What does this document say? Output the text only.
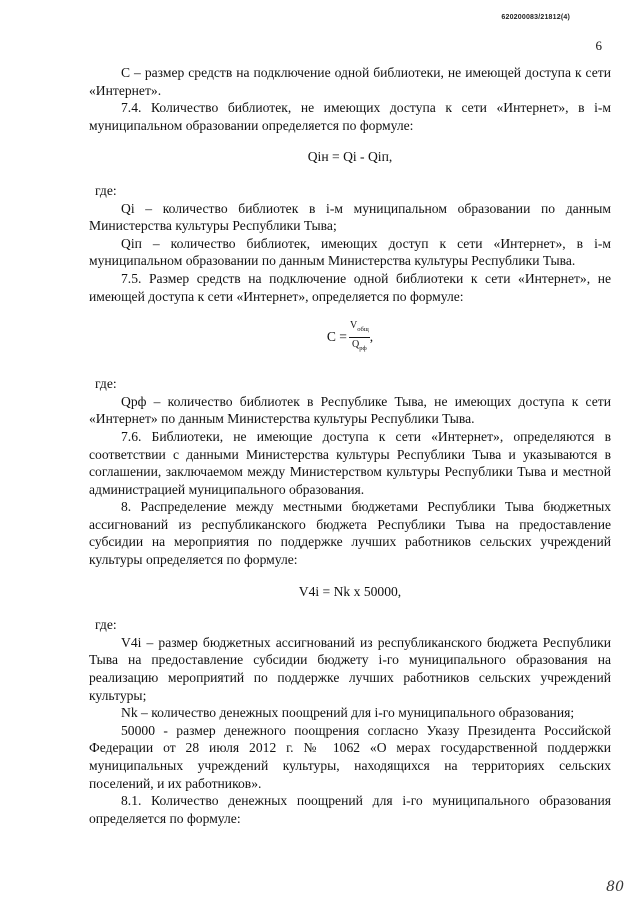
620200083/21812(4)
6

С – размер средств на подключение одной библиотеки, не имеющей доступа к сети «Интернет».

7.4. Количество библиотек, не имеющих доступа к сети «Интернет», в i-м муниципальном образовании определяется по формуле:

Qiн = Qi - Qiп,

где:

Qi – количество библиотек в i-м муниципальном образовании по данным Министерства культуры Республики Тыва;

Qiп – количество библиотек, имеющих доступ к сети «Интернет», в i-м муниципальном образовании по данным Министерства культуры Республики Тыва.

7.5. Размер средств на подключение одной библиотеки к сети «Интернет», не имеющей доступа к сети «Интернет», определяется по формуле:

$C = \frac{V_{общ}}{Q_{рф}}$ ,

где:

Qрф – количество библиотек в Республике Тыва, не имеющих доступа к сети «Интернет» по данным Министерства культуры Республики Тыва.

7.6. Библиотеки, не имеющие доступа к сети «Интернет», определяются в соответствии с данными Министерства культуры Республики Тыва и указываются в соглашении, заключаемом между Министерством культуры Республики Тыва и местной администрацией муниципального образования.

8. Распределение между местными бюджетами Республики Тыва бюджетных ассигнований из республиканского бюджета Республики Тыва на предоставление субсидии на мероприятия по поддержке лучших работников сельских учреждений культуры определяется по формуле:

V4i = Nk x 50000,

где:

V4i – размер бюджетных ассигнований из республиканского бюджета Республики Тыва на предоставление субсидии бюджету i-го муниципального образования на реализацию мероприятий по поддержке лучших работников сельских учреждений культуры;

Nk – количество денежных поощрений для i-го муниципального образования;

50000 - размер денежного поощрения согласно Указу Президента Российской Федерации от 28 июля 2012 г. № 1062 «О мерах государственной поддержки муниципальных учреждений культуры, находящихся на территориях сельских поселений, и их работников».

8.1. Количество денежных поощрений для i-го муниципального образования определяется по формуле:

80
